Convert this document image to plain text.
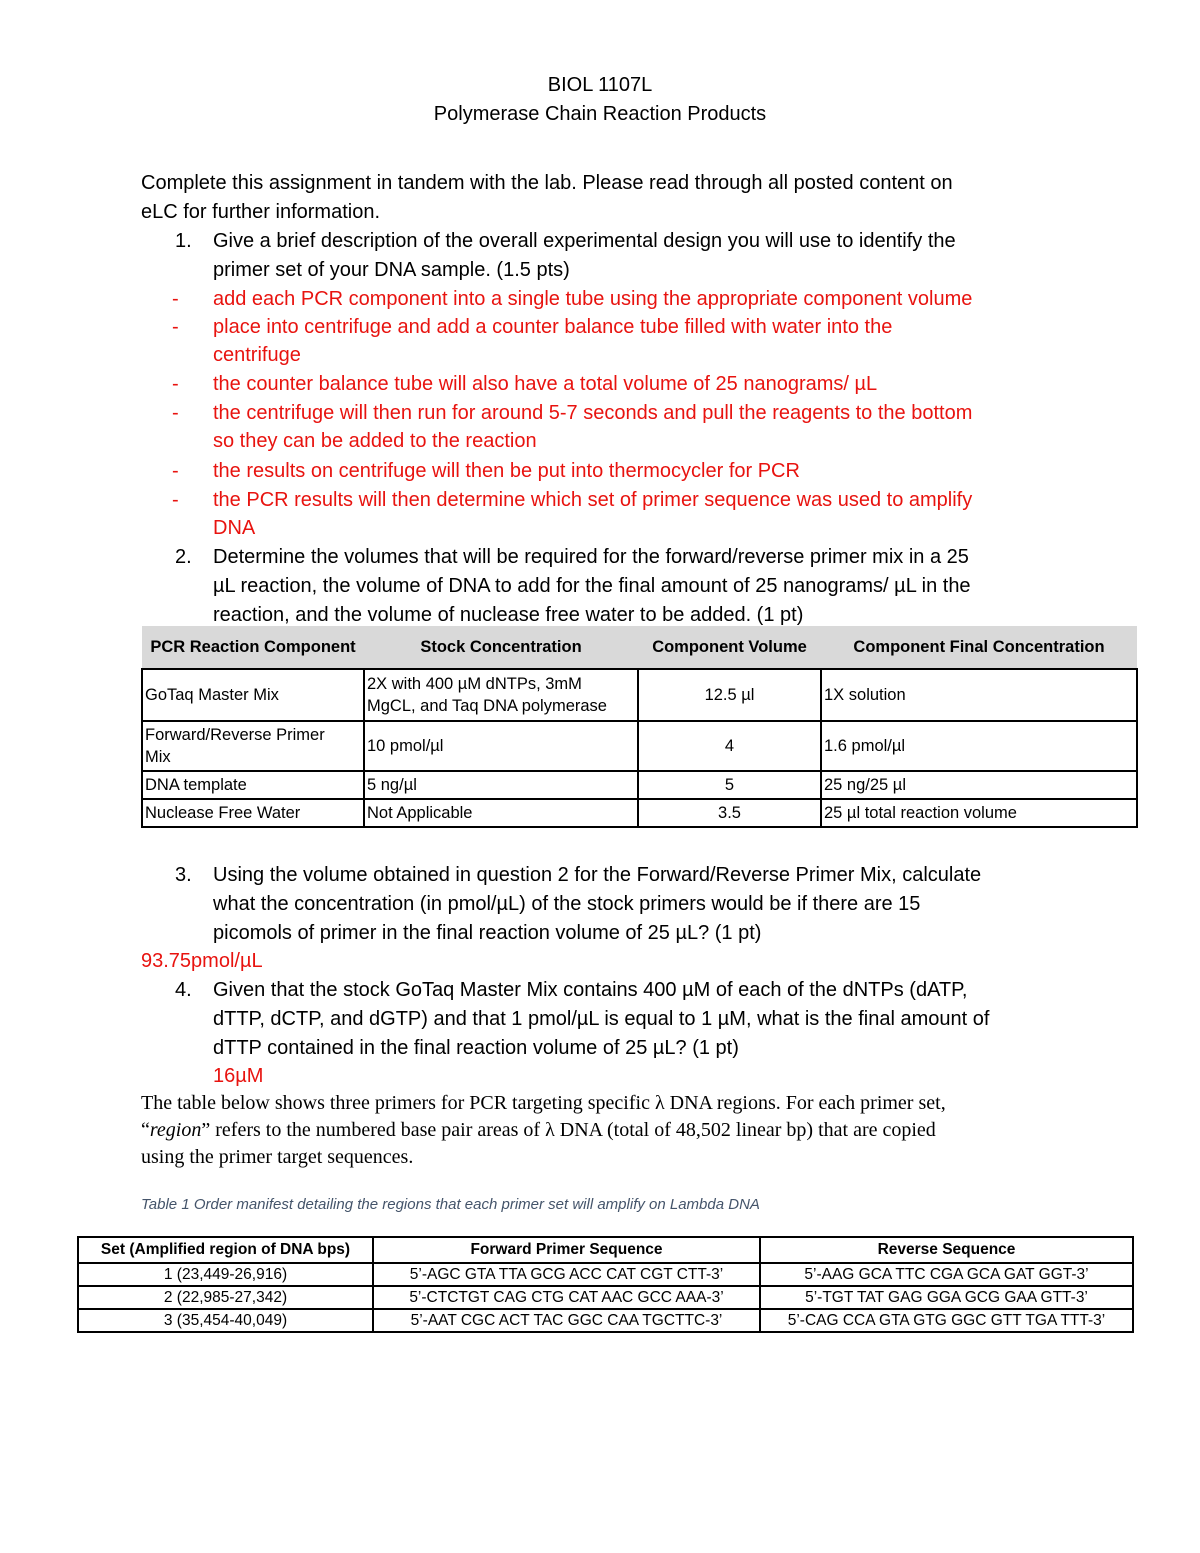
BIOL 1107L
Polymerase Chain Reaction Products
Complete this assignment in tandem with the lab. Please read through all posted content on
eLC for further information.
1. Give a brief description of the overall experimental design you will use to identify the
primer set of your DNA sample. (1.5 pts)
- add each PCR component into a single tube using the appropriate component volume
- place into centrifuge and add a counter balance tube filled with water into the
centrifuge
- the counter balance tube will also have a total volume of 25 nanograms/ µL
- the centrifuge will then run for around 5-7 seconds and pull the reagents to the bottom
so they can be added to the reaction
- the results on centrifuge will then be put into thermocycler for PCR
- the PCR results will then determine which set of primer sequence was used to amplify
DNA
2. Determine the volumes that will be required for the forward/reverse primer mix in a 25
µL reaction, the volume of DNA to add for the final amount of 25 nanograms/ µL in the
reaction, and the volume of nuclease free water to be added. (1 pt)
PCR Reaction Component	Stock Concentration	Component Volume	Component Final Concentration
GoTaq Master Mix	2X with 400 µM dNTPs, 3mM
MgCL, and Taq DNA polymerase	12.5 µl	1X solution

Forward/Reverse Primer
Mix	10 pmol/µl	4	1.6 pmol/µl
DNA template	5 ng/µl	5	25 ng/25 µl
Nuclease Free Water	Not Applicable	3.5	25 µl total reaction volume
3. Using the volume obtained in question 2 for the Forward/Reverse Primer Mix, calculate
what the concentration (in pmol/µL) of the stock primers would be if there are 15
picomols of primer in the final reaction volume of 25 µL? (1 pt)
93.75pmol/µL
4. Given that the stock GoTaq Master Mix contains 400 µM of each of the dNTPs (dATP,
dTTP, dCTP, and dGTP) and that 1 pmol/µL is equal to 1 µM, what is the final amount of
dTTP contained in the final reaction volume of 25 µL? (1 pt)
16µM
The table below shows three primers for PCR targeting specific λ DNA regions. For each primer set,
“region” refers to the numbered base pair areas of λ DNA (total of 48,502 linear bp) that are copied
using the primer target sequences.
Table 1 Order manifest detailing the regions that each primer set will amplify on Lambda DNA
Set (Amplified region of DNA bps)	Forward Primer Sequence	Reverse Sequence
1 (23,449-26,916)	5’-AGC GTA TTA GCG ACC CAT CGT CTT-3’	5’-AAG GCA TTC CGA GCA GAT GGT-3’
2 (22,985-27,342)	5’-CTCTGT CAG CTG CAT AAC GCC AAA-3’	5’-TGT TAT GAG GGA GCG GAA GTT-3’
3 (35,454-40,049)	5’-AAT CGC ACT TAC GGC CAA TGCTTC-3’	5’-CAG CCA GTA GTG GGC GTT TGA TTT-3’
